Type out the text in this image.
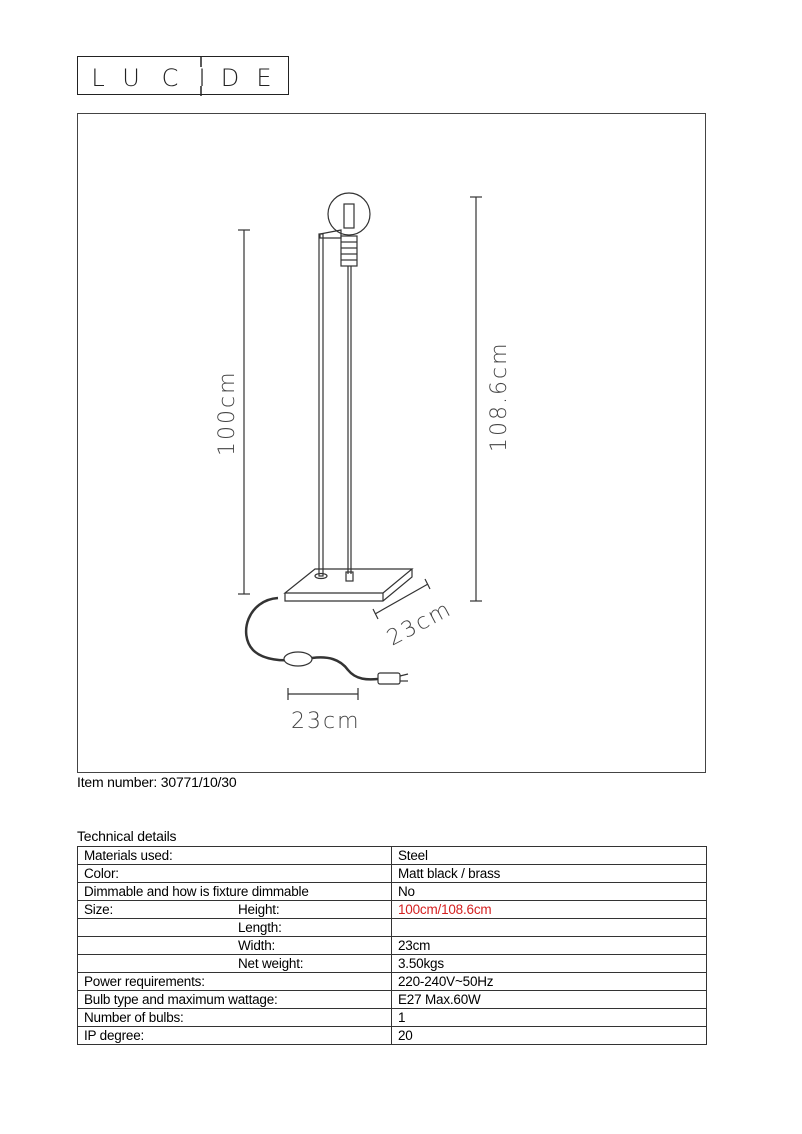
L U C I D E
100cm	108.6cm
23cm
23cm
Item number: 30771/10/30
Technical details
Materials used:	Steel
Color:	Matt black / brass
Dimmable and how is fixture dimmable	No
Size: Height:	100cm/108.6cm

Length:	

Width:	23cm

Net weight:	3.50kgs
Power requirements:	220-240V~50Hz
Bulb type and maximum wattage:	E27 Max.60W
Number of bulbs:	1
IP degree:	20
